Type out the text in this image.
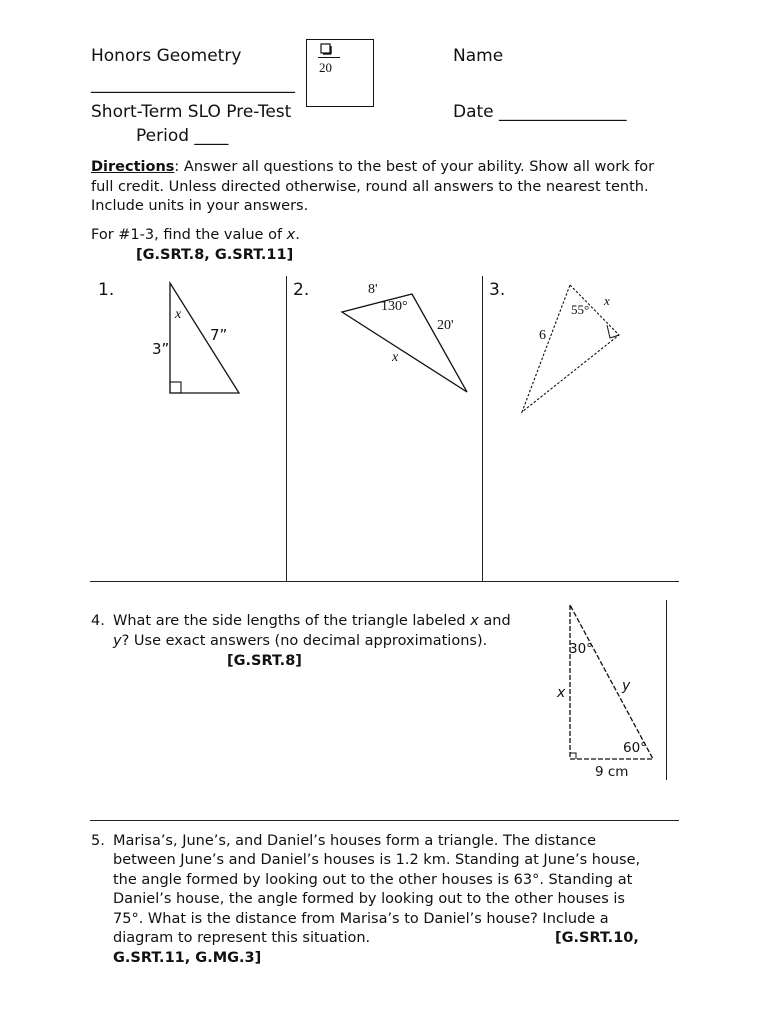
Honors Geometry
________________________
Short-Term SLO Pre-Test
Period ____
Name
Date _______________
20
Directions: Answer all questions to the best of your ability. Show all work for full credit. Unless directed otherwise, round all answers to the nearest tenth. Include units in your answers.
For #1-3, find the value of x.
[G.SRT.8, G.SRT.11]
1.
x
7”
3”
2.	8'
130°
20'
x
3.
55°
x
6
4. What are the side lengths of the triangle labeled x and
y? Use exact answers (no decimal approximations).
[G.SRT.8]
30°
60°
x	y
9 cm
5. Marisa’s, June’s, and Daniel’s houses form a triangle. The distance
between June’s and Daniel’s houses is 1.2 km. Standing at June’s house,
the angle formed by looking out to the other houses is 63°. Standing at
Daniel’s house, the angle formed by looking out to the other houses is
75°. What is the distance from Marisa’s to Daniel’s house? Include a
diagram to represent this situation.	[G.SRT.10,
G.SRT.11, G.MG.3]
